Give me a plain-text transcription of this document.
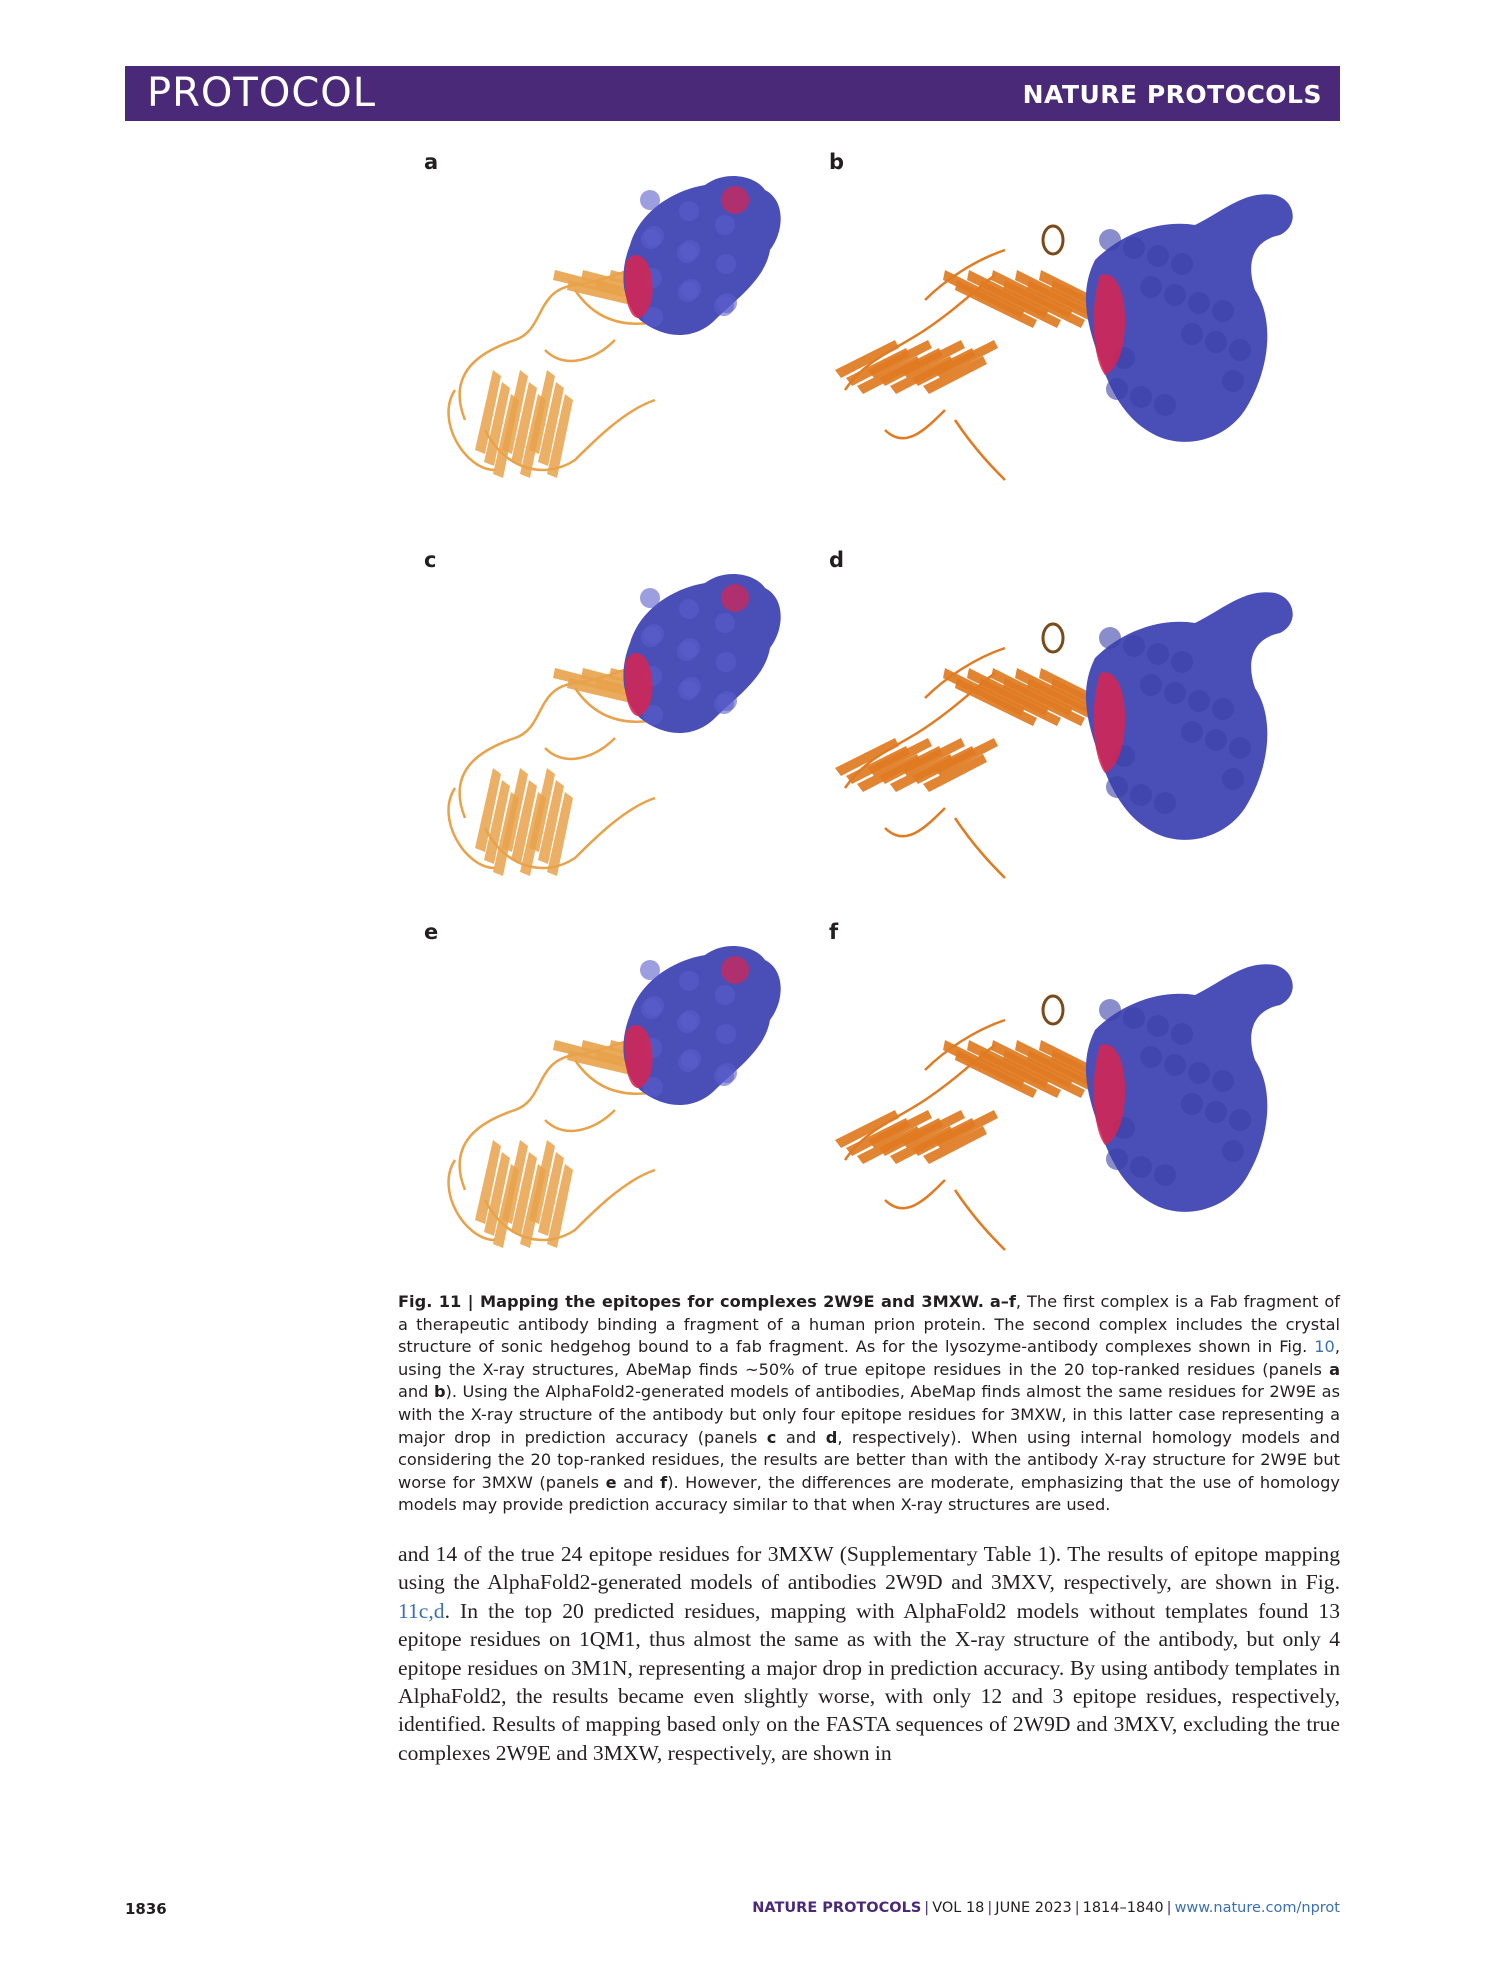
PROTOCOL	NATURE PROTOCOLS
a	b
c	d
e	f
Fig. 11 | Mapping the epitopes for complexes 2W9E and 3MXW. a–f, The first complex is a Fab fragment of a therapeutic antibody binding a fragment of a human prion protein. The second complex includes the crystal structure of sonic hedgehog bound to a fab fragment. As for the lysozyme-antibody complexes shown in Fig. 10, using the X-ray structures, AbeMap finds ~50% of true epitope residues in the 20 top-ranked residues (panels a and b). Using the AlphaFold2-generated models of antibodies, AbeMap finds almost the same residues for 2W9E as with the X-ray structure of the antibody but only four epitope residues for 3MXW, in this latter case representing a major drop in prediction accuracy (panels c and d, respectively). When using internal homology models and considering the 20 top-ranked residues, the results are better than with the antibody X-ray structure for 2W9E but worse for 3MXW (panels e and f). However, the differences are moderate, emphasizing that the use of homology models may provide prediction accuracy similar to that when X-ray structures are used.
and 14 of the true 24 epitope residues for 3MXW (Supplementary Table 1). The results of epitope mapping using the AlphaFold2-generated models of antibodies 2W9D and 3MXV, respectively, are shown in Fig. 11c,d. In the top 20 predicted residues, mapping with AlphaFold2 models without templates found 13 epitope residues on 1QM1, thus almost the same as with the X-ray structure of the antibody, but only 4 epitope residues on 3M1N, representing a major drop in prediction accuracy. By using antibody templates in AlphaFold2, the results became even slightly worse, with only 12 and 3 epitope residues, respectively, identified. Results of mapping based only on the FASTA sequences of 2W9D and 3MXV, excluding the true complexes 2W9E and 3MXW, respectively, are shown in
1836	NATURE PROTOCOLS | VOL 18 | JUNE 2023 | 1814–1840 | www.nature.com/nprot
